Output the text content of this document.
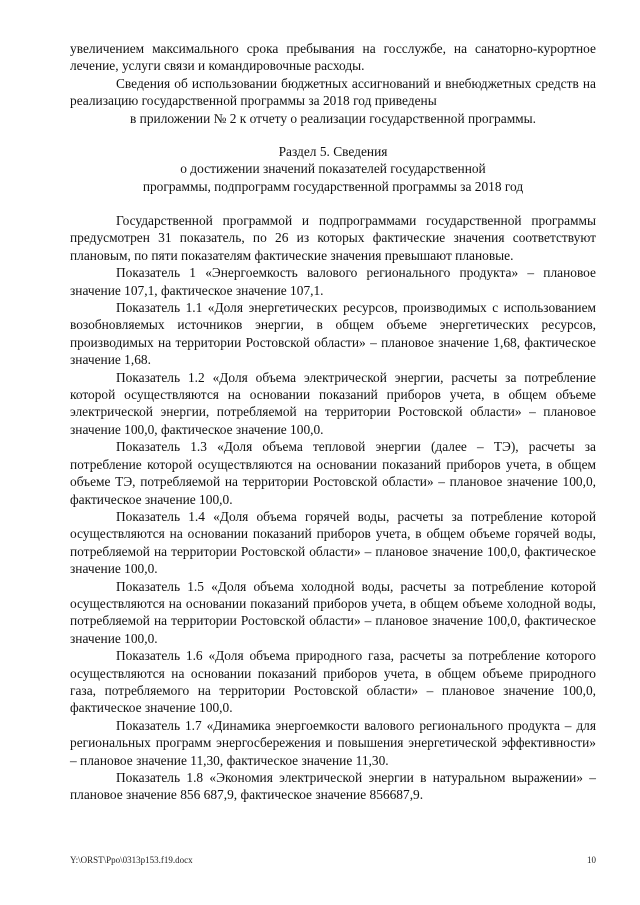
увеличением максимального срока пребывания на госслужбе, на санаторно-курортное лечение, услуги связи и командировочные расходы.

Сведения об использовании бюджетных ассигнований и внебюджетных средств на реализацию государственной программы за 2018 год приведены

в приложении № 2 к отчету о реализации государственной программы.

Раздел 5. Сведения

о достижении значений показателей государственной

программы, подпрограмм государственной программы за 2018 год

Государственной программой и подпрограммами государственной программы предусмотрен 31 показатель, по 26 из которых фактические значения соответствуют плановым, по пяти показателям фактические значения превышают плановые.

Показатель 1 «Энергоемкость валового регионального продукта» – плановое значение 107,1, фактическое значение 107,1.

Показатель 1.1 «Доля энергетических ресурсов, производимых с использованием возобновляемых источников энергии, в общем объеме энергетических ресурсов, производимых на территории Ростовской области» – плановое значение 1,68, фактическое значение 1,68.

Показатель 1.2 «Доля объема электрической энергии, расчеты за потребление которой осуществляются на основании показаний приборов учета, в общем объеме электрической энергии, потребляемой на территории Ростовской области» – плановое значение 100,0, фактическое значение 100,0.

Показатель 1.3 «Доля объема тепловой энергии (далее – ТЭ), расчеты за потребление которой осуществляются на основании показаний приборов учета, в общем объеме ТЭ, потребляемой на территории Ростовской области» – плановое значение 100,0, фактическое значение 100,0.

Показатель 1.4 «Доля объема горячей воды, расчеты за потребление которой осуществляются на основании показаний приборов учета, в общем объеме горячей воды, потребляемой на территории Ростовской области» – плановое значение 100,0, фактическое значение 100,0.

Показатель 1.5 «Доля объема холодной воды, расчеты за потребление которой осуществляются на основании показаний приборов учета, в общем объеме холодной воды, потребляемой на территории Ростовской области» – плановое значение 100,0, фактическое значение 100,0.

Показатель 1.6 «Доля объема природного газа, расчеты за потребление которого осуществляются на основании показаний приборов учета, в общем объеме природного газа, потребляемого на территории Ростовской области» – плановое значение 100,0, фактическое значение 100,0.

Показатель 1.7 «Динамика энергоемкости валового регионального продукта – для региональных программ энергосбережения и повышения энергетической эффективности» – плановое значение 11,30, фактическое значение 11,30.

Показатель 1.8 «Экономия электрической энергии в натуральном выражении» – плановое значение 856 687,9, фактическое значение 856687,9.

Y:\ORST\Ppo\0313p153.f19.docx	10
